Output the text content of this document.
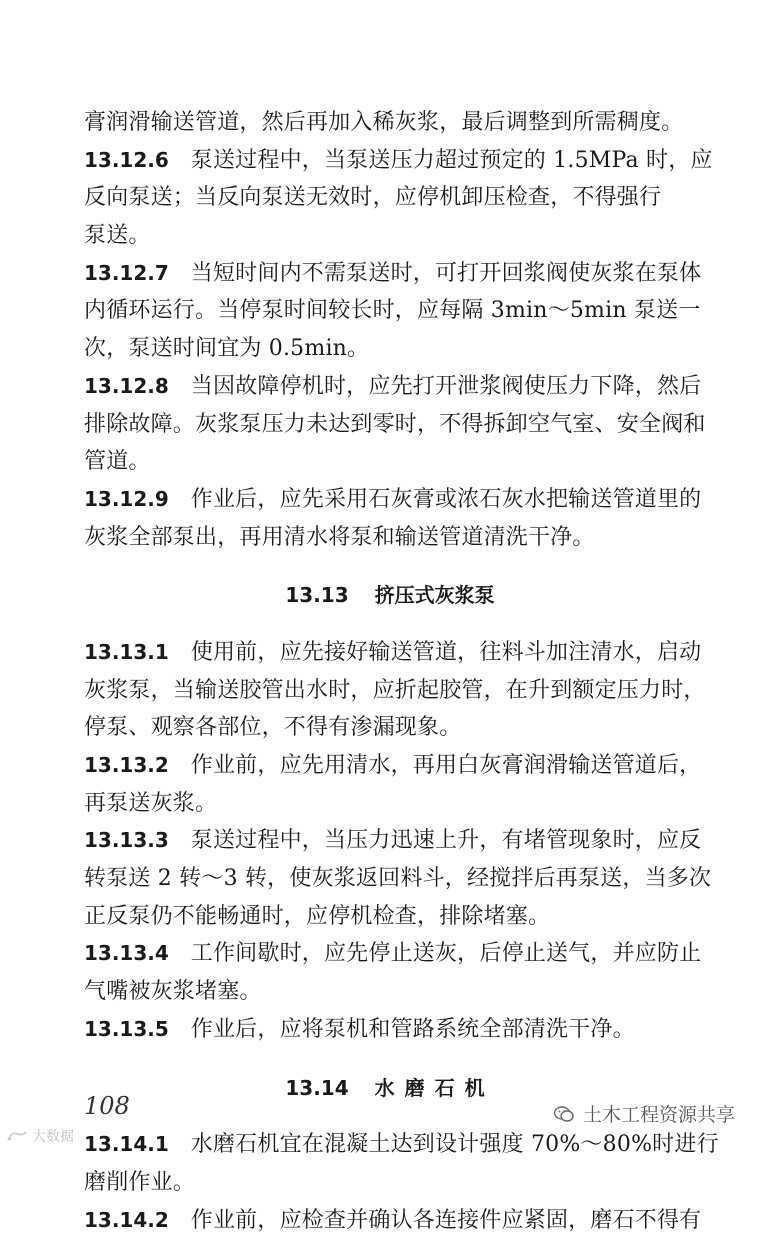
膏润滑输送管道，然后再加入稀灰浆，最后调整到所需稠度。
13.12.6 泵送过程中，当泵送压力超过预定的 1.5MPa 时，应
反向泵送；当反向泵送无效时，应停机卸压检查，不得强行
泵送。
13.12.7 当短时间内不需泵送时，可打开回浆阀使灰浆在泵体
内循环运行。当停泵时间较长时，应每隔 3min～5min 泵送一
次，泵送时间宜为 0.5min。
13.12.8 当因故障停机时，应先打开泄浆阀使压力下降，然后
排除故障。灰浆泵压力未达到零时，不得拆卸空气室、安全阀和
管道。
13.12.9 作业后，应先采用石灰膏或浓石灰水把输送管道里的
灰浆全部泵出，再用清水将泵和输送管道清洗干净。
13.13 挤压式灰浆泵
13.13.1 使用前，应先接好输送管道，往料斗加注清水，启动
灰浆泵，当输送胶管出水时，应折起胶管，在升到额定压力时，
停泵、观察各部位，不得有渗漏现象。
13.13.2 作业前，应先用清水，再用白灰膏润滑输送管道后，
再泵送灰浆。
13.13.3 泵送过程中，当压力迅速上升，有堵管现象时，应反
转泵送 2 转～3 转，使灰浆返回料斗，经搅拌后再泵送，当多次
正反泵仍不能畅通时，应停机检查，排除堵塞。
13.13.4 工作间歇时，应先停止送灰，后停止送气，并应防止
气嘴被灰浆堵塞。
13.13.5 作业后，应将泵机和管路系统全部清洗干净。
13.14 水磨石机
13.14.1 水磨石机宜在混凝土达到设计强度 70%～80%时进行
磨削作业。
13.14.2 作业前，应检查并确认各连接件应紧固，磨石不得有
108	土木工程资源共享
大数据
